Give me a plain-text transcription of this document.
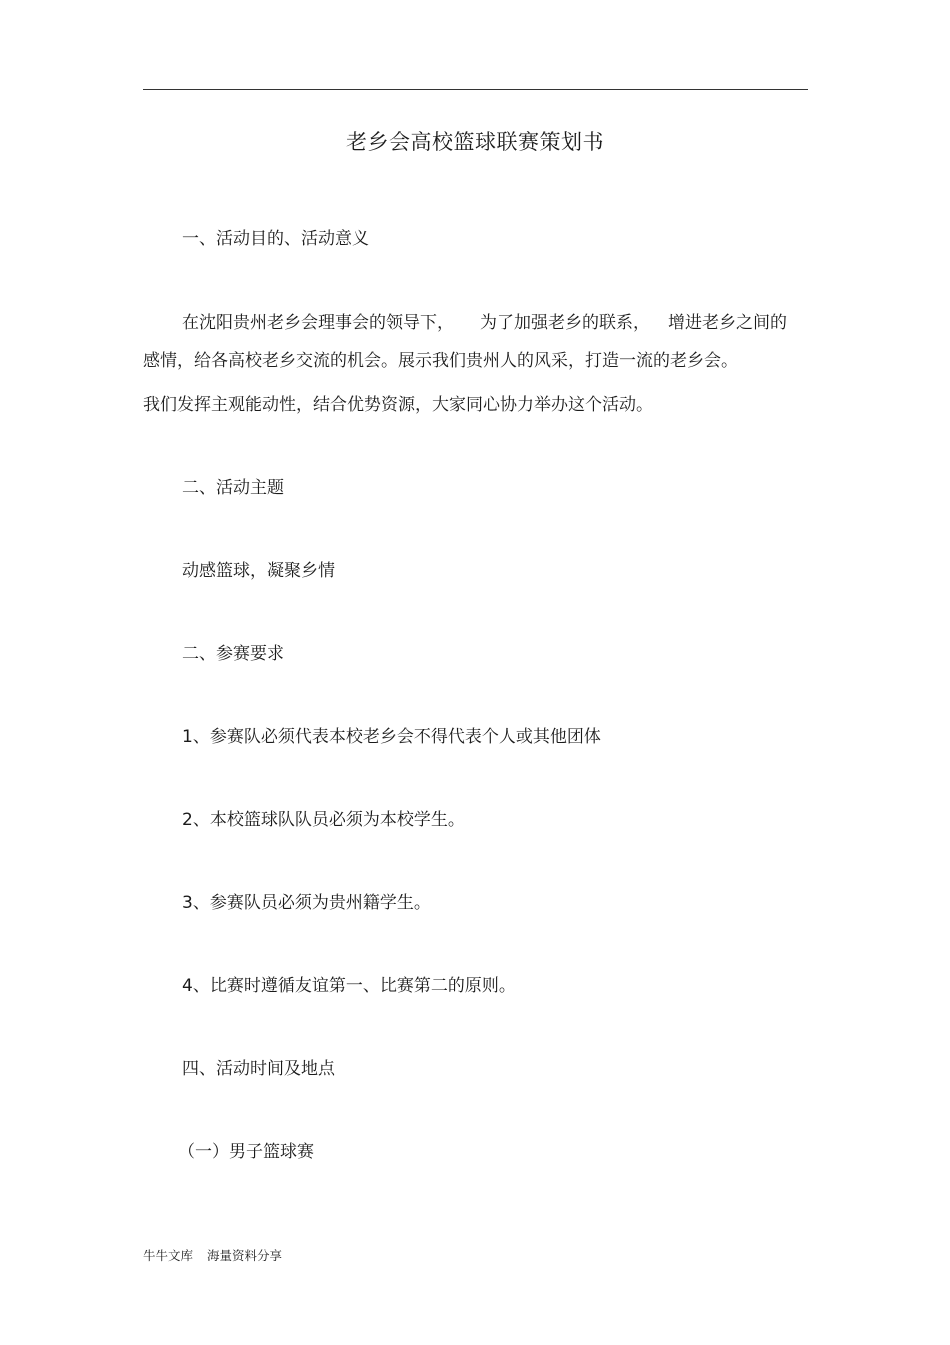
老乡会高校篮球联赛策划书
一、活动目的、活动意义
在沈阳贵州老乡会理事会的领导下， 为了加强老乡的联系， 增进老乡之间的
感情，给各高校老乡交流的机会。展示我们贵州人的风采，打造一流的老乡会。
我们发挥主观能动性，结合优势资源，大家同心协力举办这个活动。
二、活动主题
动感篮球，凝聚乡情
二、参赛要求
1、参赛队必须代表本校老乡会不得代表个人或其他团体
2、本校篮球队队员必须为本校学生。
3、参赛队员必须为贵州籍学生。
4、比赛时遵循友谊第一、比赛第二的原则。
四、活动时间及地点
（一）男子篮球赛
牛牛文库 海量资料分享
